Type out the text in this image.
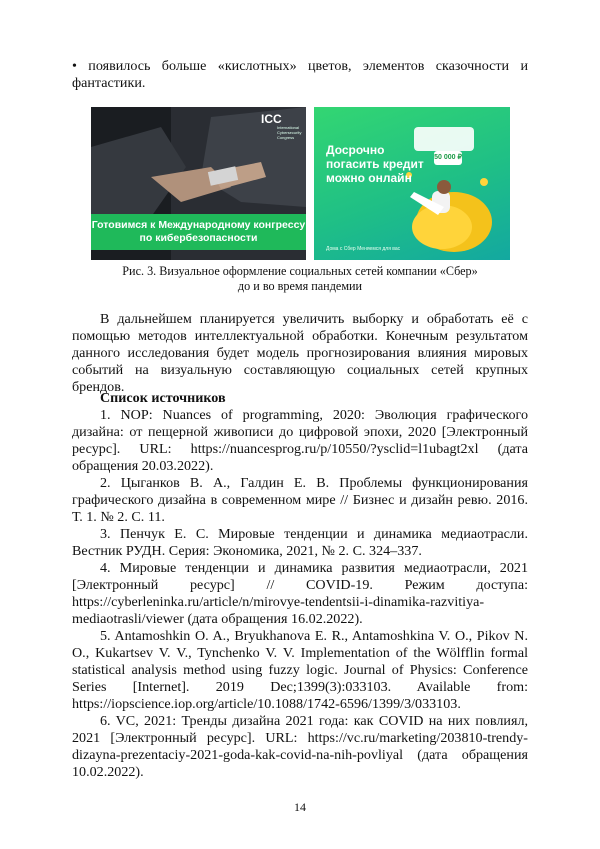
• появилось больше «кислотных» цветов, элементов сказочности и фантастики.

ICC
International Cybersecurity Congress
Готовимся к Международному конгрессу по кибербезопасности
Досрочно
погасить кредит
можно онлайн
50 000 ₽
Дома с Сбер Меняемся для вас
Рис. 3. Визуальное оформление социальных сетей компании «Сбер»
до и во время пандемии

В дальнейшем планируется увеличить выборку и обработать её с помощью методов интеллектуальной обработки. Конечным результатом данного исследования будет модель прогнозирования влияния мировых событий на визуальную составляющую социальных сетей крупных брендов.

Список источников

1. NOP: Nuances of programming, 2020: Эволюция графического дизайна: от пещерной живописи до цифровой эпохи, 2020 [Электронный ресурс]. URL: https://nuancesprog.ru/p/10550/?ysclid=l1ubagt2xl (дата обращения 20.03.2022).

2. Цыганков В. А., Галдин Е. В. Проблемы функционирования графического дизайна в современном мире // Бизнес и дизайн ревю. 2016. Т. 1. № 2. С. 11.

3. Пенчук Е. С. Мировые тенденции и динамика медиаотрасли. Вестник РУДН. Серия: Экономика, 2021, № 2. С. 324–337.

4. Мировые тенденции и динамика развития медиаотрасли, 2021 [Электронный ресурс] // COVID-19. Режим доступа: https://cyberleninka.ru/article/n/mirovye-tendentsii-i-dinamika-razvitiya-mediaotrasli/viewer (дата обращения 16.02.2022).

5. Antamoshkin O. A., Bryukhanova E. R., Antamoshkina V. O., Pikov N. O., Kukartsev V. V., Tynchenko V. V. Implementation of the Wölfflin formal statistical analysis method using fuzzy logic. Journal of Physics: Conference Series [Internet]. 2019 Dec;1399(3):033103. Available from: https://iopscience.iop.org/article/10.1088/1742-6596/1399/3/033103.

6. VC, 2021: Тренды дизайна 2021 года: как COVID на них повлиял, 2021 [Электронный ресурс]. URL: https://vc.ru/marketing/203810-trendy-dizayna-prezentaciy-2021-goda-kak-covid-na-nih-povliyal (дата обращения 10.02.2022).

14
